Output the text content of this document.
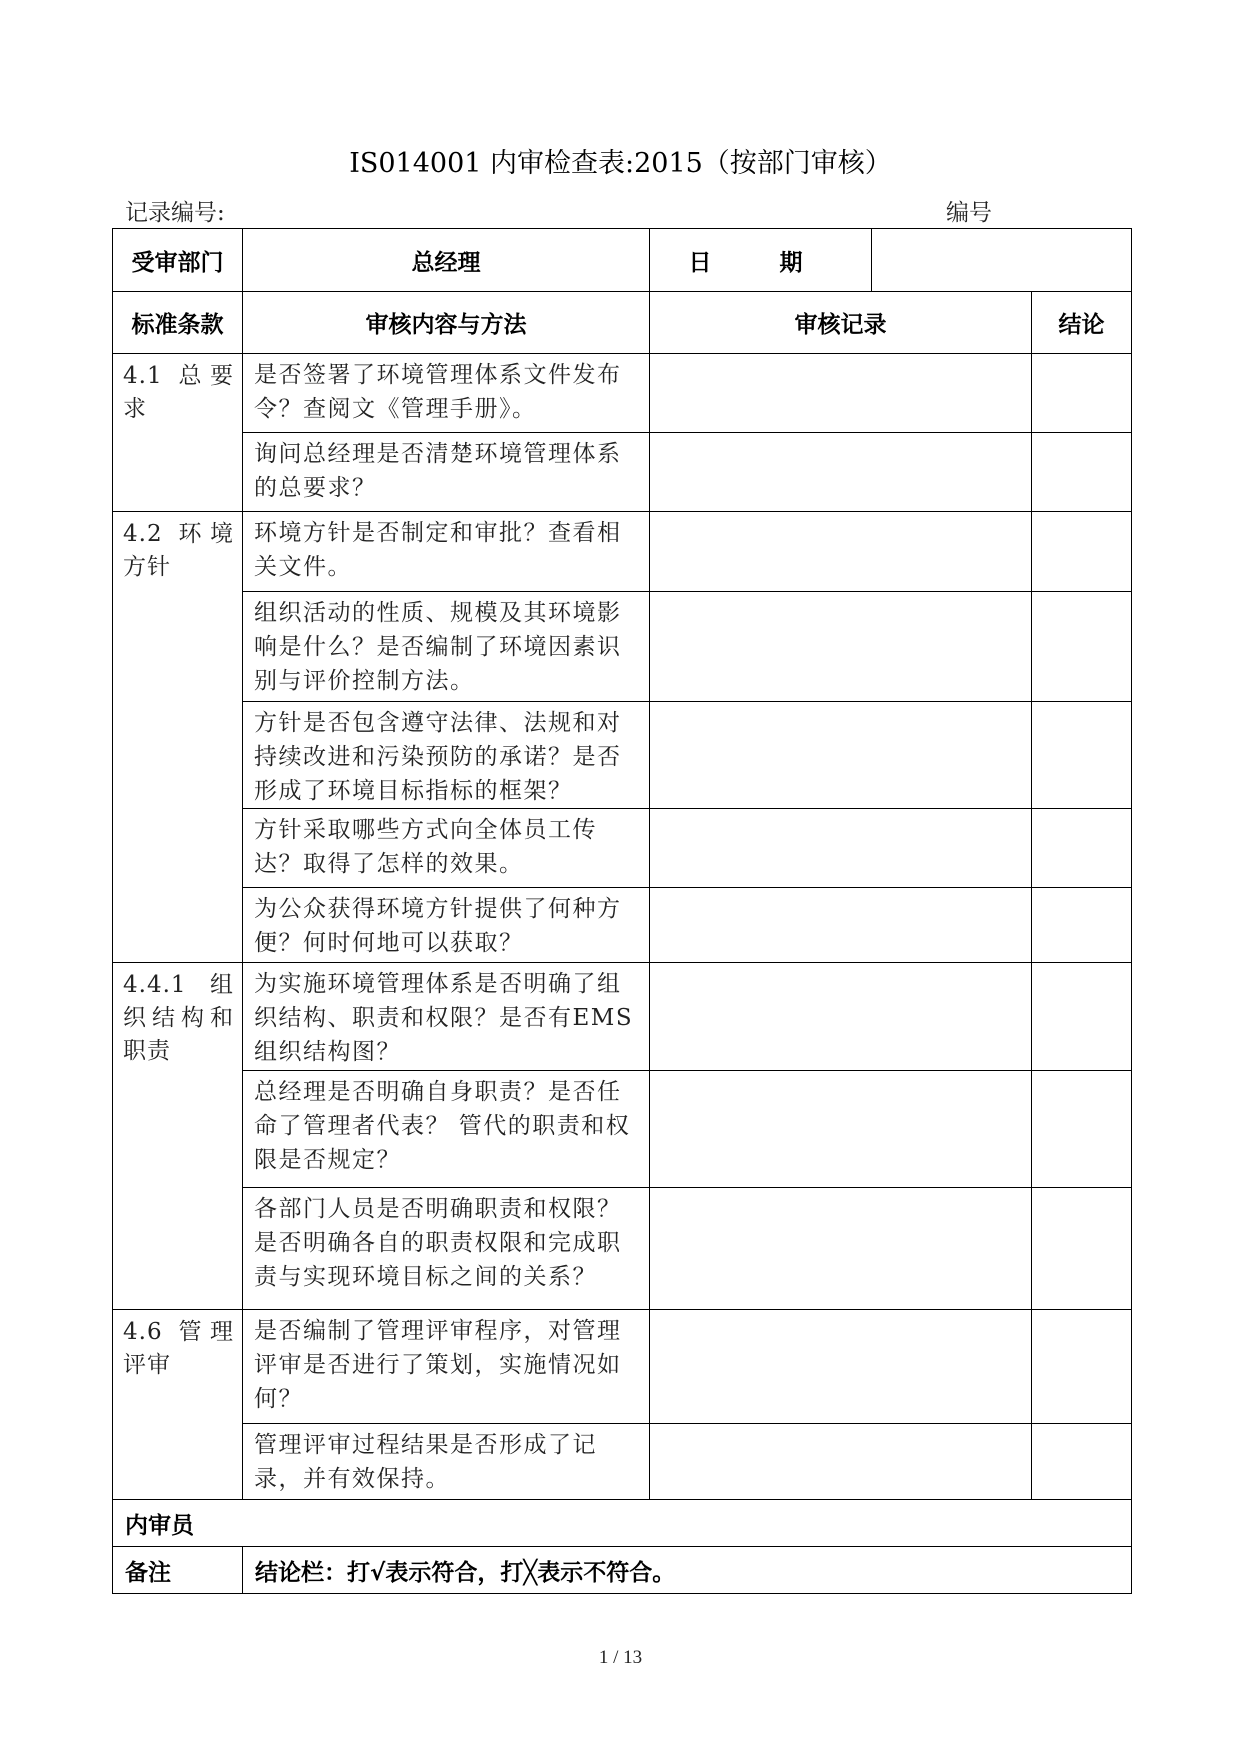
IS014001 内审检查表:2015（按部门审核）
记录编号:	编号
受审部门	总经理	日 期		
标准条款	审核内容与方法	审核记录		结论
4.1 总要求	是否签署了环境管理体系文件发布令？查阅文《管理手册》。			
	询问总经理是否清楚环境管理体系的总要求？			
4.2 环境方针	环境方针是否制定和审批？查看相关文件。			
	组织活动的性质、规模及其环境影响是什么？是否编制了环境因素识别与评价控制方法。			
	方针是否包含遵守法律、法规和对持续改进和污染预防的承诺？是否形成了环境目标指标的框架？			
	方针采取哪些方式向全体员工传达？取得了怎样的效果。			
	为公众获得环境方针提供了何种方便？何时何地可以获取？			
4.4.1 组织结构和职责	为实施环境管理体系是否明确了组织结构、职责和权限？是否有EMS组织结构图？			
	总经理是否明确自身职责？是否任命了管理者代表？ 管代的职责和权限是否规定？			
	各部门人员是否明确职责和权限？是否明确各自的职责权限和完成职责与实现环境目标之间的关系？			
4.6 管理评审	是否编制了管理评审程序，对管理评审是否进行了策划，实施情况如何？			
	管理评审过程结果是否形成了记录，并有效保持。			
内审员				
备注	结论栏：打√表示符合，打╳表示不符合。			
1 / 13
